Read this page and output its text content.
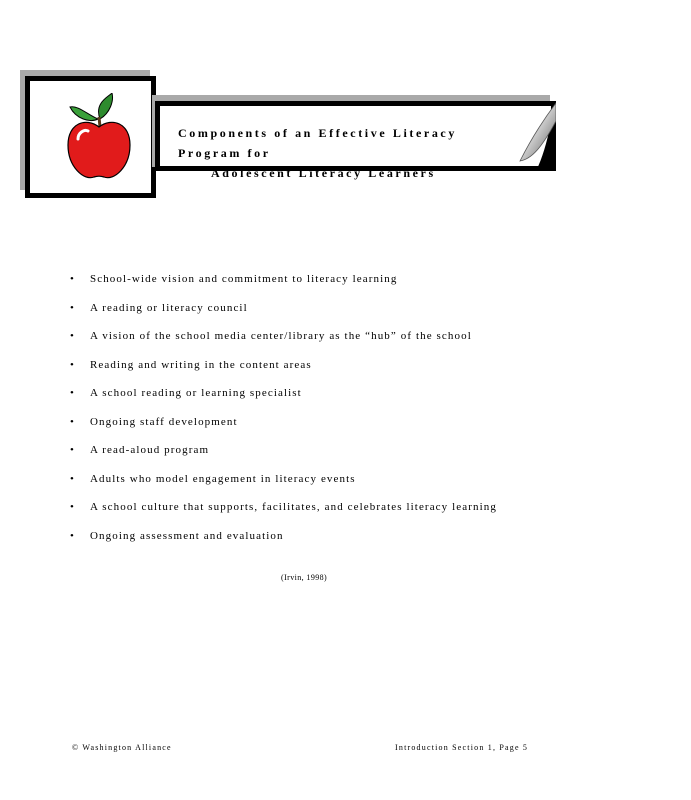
Components of an Effective Literacy Program for
Adolescent Literacy Learners
• School-wide vision and commitment to literacy learning
• A reading or literacy council
• A vision of the school media center/library as the “hub” of the school
• Reading and writing in the content areas
• A school reading or learning specialist
• Ongoing staff development
• A read-aloud program
• Adults who model engagement in literacy events
• A school culture that supports, facilitates, and celebrates literacy learning
• Ongoing assessment and evaluation
(Irvin, 1998)
© Washington Alliance	Introduction Section 1, Page 5
